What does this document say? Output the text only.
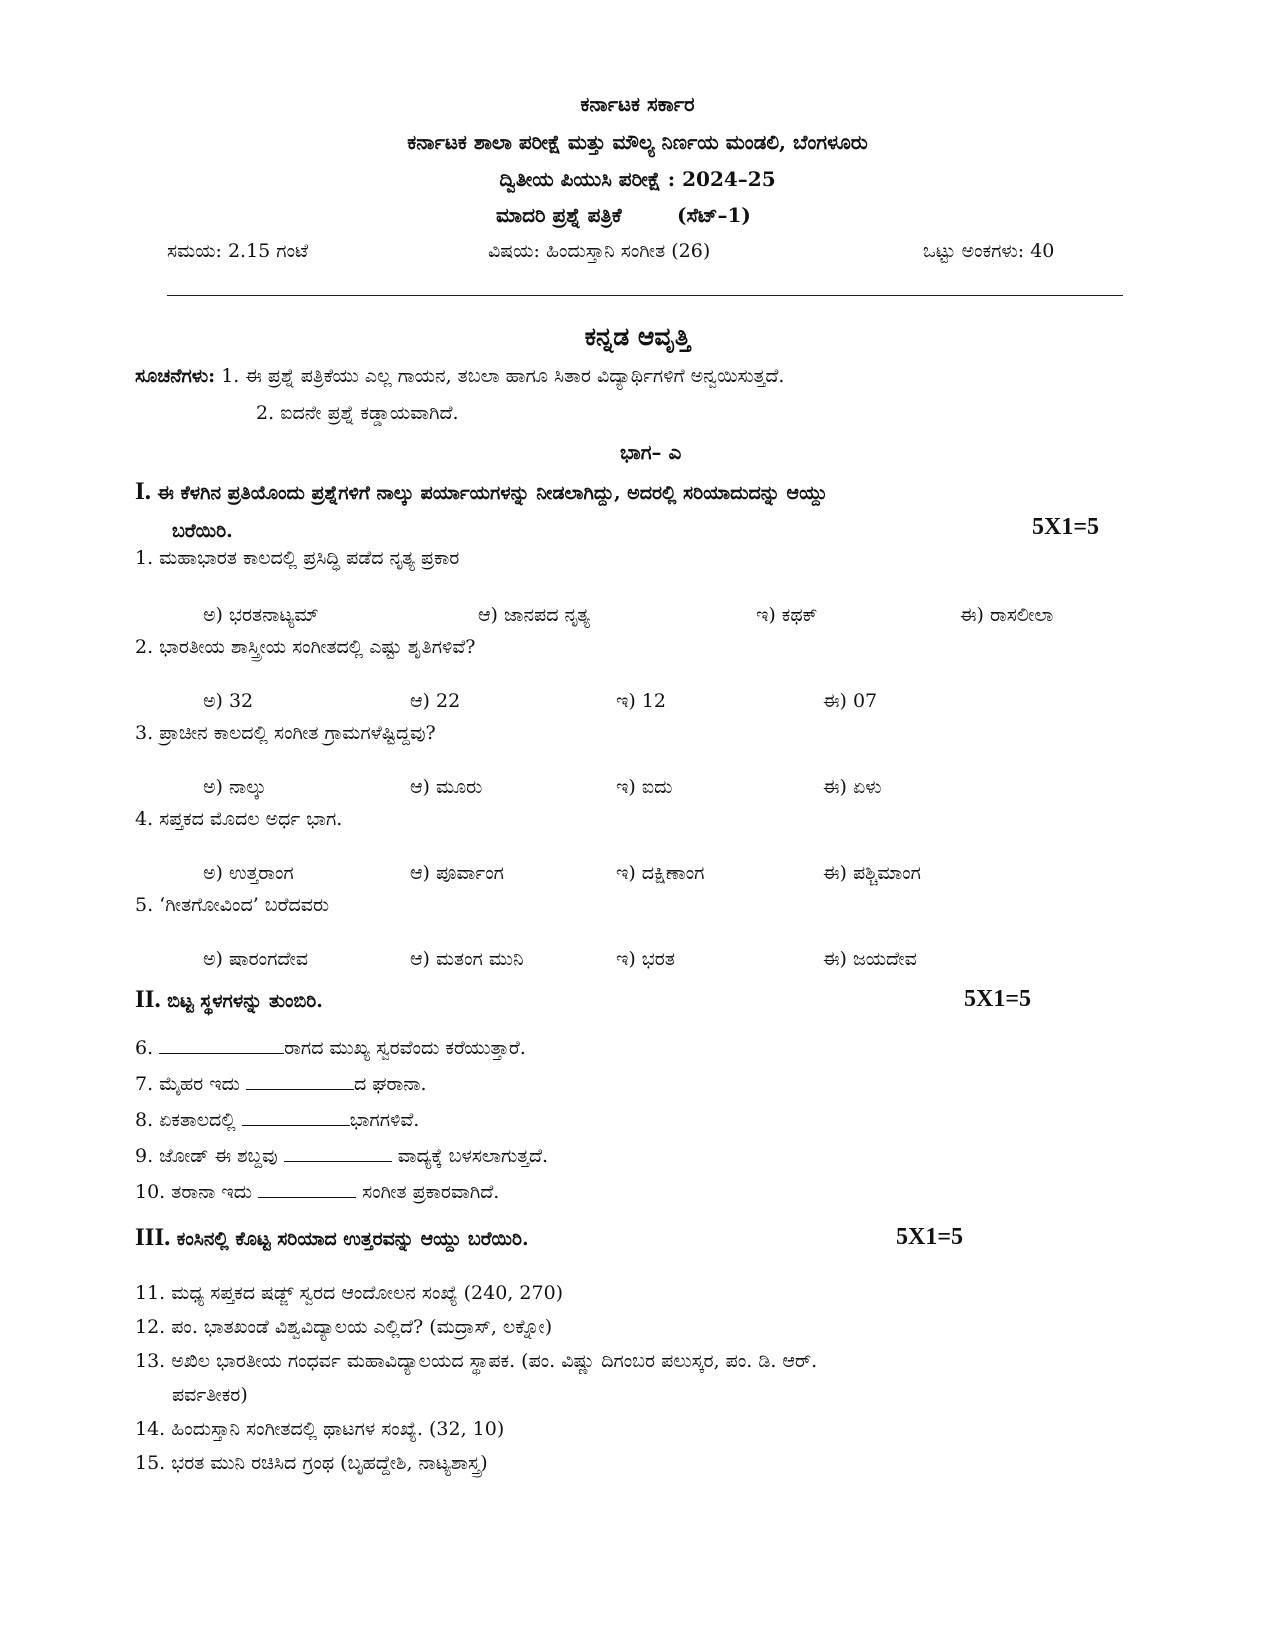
ಕರ್ನಾಟಕ ಸರ್ಕಾರ
ಕರ್ನಾಟಕ ಶಾಲಾ ಪರೀಕ್ಷೆ ಮತ್ತು ಮೌಲ್ಯ ನಿರ್ಣಯ ಮಂಡಲಿ, ಬೆಂಗಳೂರು
ದ್ವಿತೀಯ ಪಿಯುಸಿ ಪರೀಕ್ಷೆ : 2024–25
ಮಾದರಿ ಪ್ರಶ್ನೆ ಪತ್ರಿಕೆ	(ಸೆಟ್–1)
ಸಮಯ: 2.15 ಗಂಟೆ	ವಿಷಯ: ಹಿಂದುಸ್ತಾನಿ ಸಂಗೀತ (26)	ಒಟ್ಟು ಅಂಕಗಳು: 40
ಕನ್ನಡ ಆವೃತ್ತಿ
ಸೂಚನೆಗಳು: 1. ಈ ಪ್ರಶ್ನೆ ಪತ್ರಿಕೆಯು ಎಲ್ಲ ಗಾಯನ, ತಬಲಾ ಹಾಗೂ ಸಿತಾರ ವಿದ್ಯಾರ್ಥಿಗಳಿಗೆ ಅನ್ವಯಿಸುತ್ತದೆ.
2. ಐದನೇ ಪ್ರಶ್ನೆ ಕಡ್ಡಾಯವಾಗಿದೆ.
ಭಾಗ– ಎ
I. ಈ ಕೆಳಗಿನ ಪ್ರತಿಯೊಂದು ಪ್ರಶ್ನೆಗಳಿಗೆ ನಾಲ್ಕು ಪರ್ಯಾಯಗಳನ್ನು ನೀಡಲಾಗಿದ್ದು, ಅದರಲ್ಲಿ ಸರಿಯಾದುದನ್ನು ಆಯ್ದು
ಬರೆಯಿರಿ.	5X1=5
1. ಮಹಾಭಾರತ ಕಾಲದಲ್ಲಿ ಪ್ರಸಿದ್ಧಿ ಪಡೆದ ನೃತ್ಯ ಪ್ರಕಾರ
ಅ) ಭರತನಾಟ್ಯಮ್	ಆ) ಜಾನಪದ ನೃತ್ಯ	ಇ) ಕಥಕ್	ಈ) ರಾಸಲೀಲಾ
2. ಭಾರತೀಯ ಶಾಸ್ತ್ರೀಯ ಸಂಗೀತದಲ್ಲಿ ಎಷ್ಟು ಶೃತಿಗಳಿವೆ?
ಅ) 32	ಆ) 22	ಇ) 12	ಈ) 07
3. ಪ್ರಾಚೀನ ಕಾಲದಲ್ಲಿ ಸಂಗೀತ ಗ್ರಾಮಗಳೆಷ್ಟಿದ್ದವು?
ಅ) ನಾಲ್ಕು	ಆ) ಮೂರು	ಇ) ಐದು	ಈ) ಏಳು
4. ಸಪ್ತಕದ ಮೊದಲ ಅರ್ಧ ಭಾಗ.
ಅ) ಉತ್ತರಾಂಗ	ಆ) ಪೂರ್ವಾಂಗ	ಇ) ದಕ್ಷಿಣಾಂಗ	ಈ) ಪಶ್ಚಿಮಾಂಗ
5. ‘ಗೀತಗೋವಿಂದ’ ಬರೆದವರು
ಅ) ಷಾರಂಗದೇವ	ಆ) ಮತಂಗ ಮುನಿ	ಇ) ಭರತ	ಈ) ಜಯದೇವ
II. ಬಿಟ್ಟ ಸ್ಥಳಗಳನ್ನು ತುಂಬಿರಿ.	5X1=5
6.	ರಾಗದ ಮುಖ್ಯ ಸ್ವರವೆಂದು ಕರೆಯುತ್ತಾರೆ.
7. ಮೈಹರ ಇದು	ದ ಘರಾನಾ.
8. ಏಕತಾಲದಲ್ಲಿ	ಭಾಗಗಳಿವೆ.
9. ಜೋಡ್ ಈ ಶಬ್ದವು	ವಾದ್ಯಕ್ಕೆ ಬಳಸಲಾಗುತ್ತದೆ.
10. ತರಾನಾ ಇದು	ಸಂಗೀತ ಪ್ರಕಾರವಾಗಿದೆ.
III. ಕಂಸಿನಲ್ಲಿ ಕೊಟ್ಟ ಸರಿಯಾದ ಉತ್ತರವನ್ನು ಆಯ್ದು ಬರೆಯಿರಿ.	5X1=5
11. ಮಧ್ಯ ಸಪ್ತಕದ ಷಡ್ಜ್ ಸ್ವರದ ಆಂದೋಲನ ಸಂಖ್ಯೆ (240, 270)
12. ಪಂ. ಭಾತಖಂಡೆ ವಿಶ್ವವಿದ್ಯಾಲಯ ಎಲ್ಲಿದೆ? (ಮದ್ರಾಸ್, ಲಕ್ನೋ)
13. ಅಖಿಲ ಭಾರತೀಯ ಗಂಧರ್ವ ಮಹಾವಿದ್ಯಾಲಯದ ಸ್ಥಾಪಕ. (ಪಂ. ವಿಷ್ಣು ದಿಗಂಬರ ಪಲುಸ್ಕರ, ಪಂ. ಡಿ. ಆರ್.
ಪರ್ವತೀಕರ)
14. ಹಿಂದುಸ್ತಾನಿ ಸಂಗೀತದಲ್ಲಿ ಥಾಟಗಳ ಸಂಖ್ಯೆ. (32, 10)
15. ಭರತ ಮುನಿ ರಚಿಸಿದ ಗ್ರಂಥ (ಬೃಹದ್ದೇಶಿ, ನಾಟ್ಯಶಾಸ್ತ್ರ)
